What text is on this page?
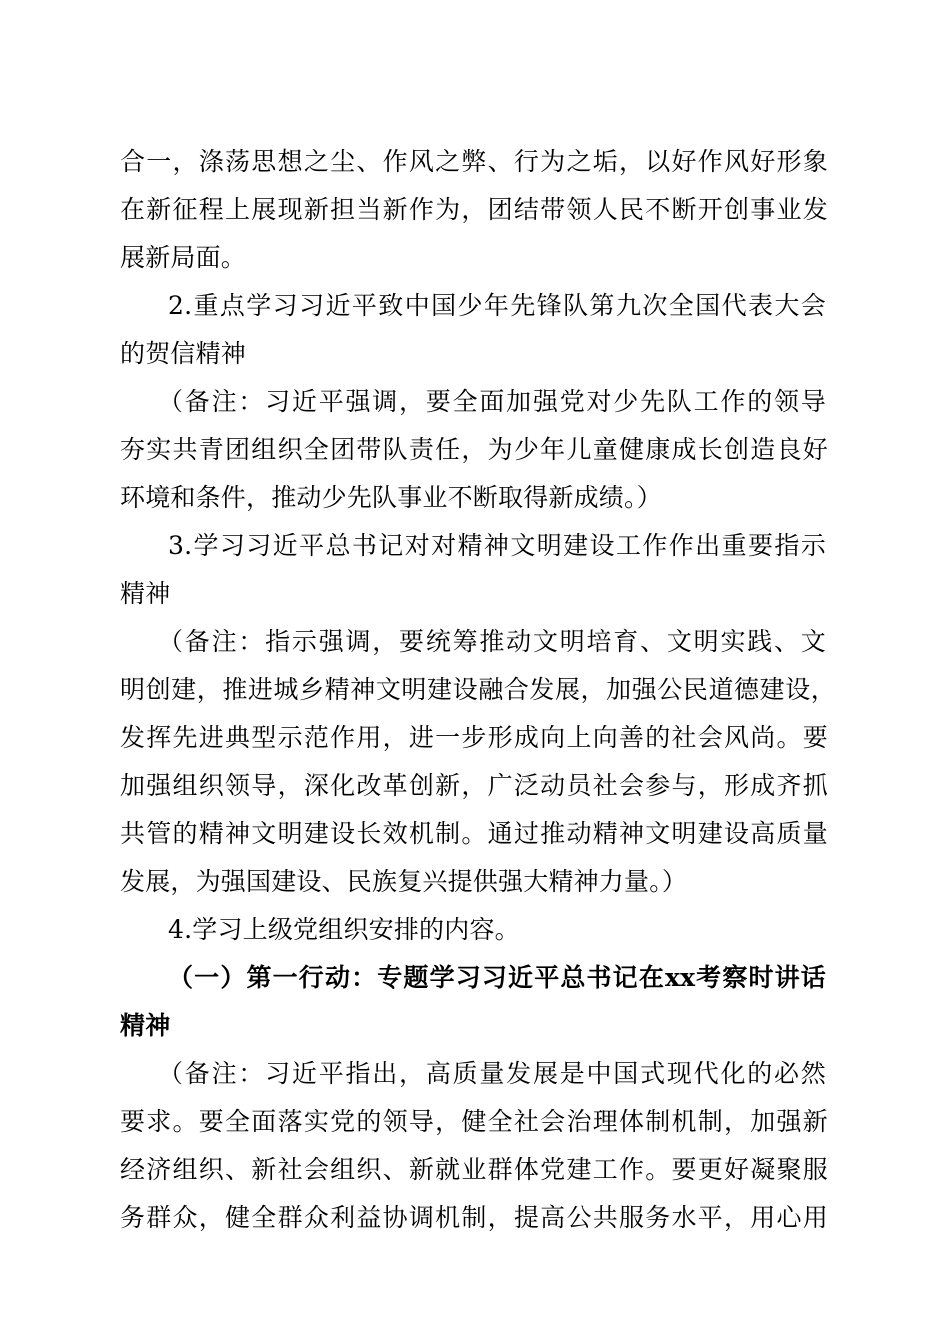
合一，涤荡思想之尘、作风之弊、行为之垢，以好作风好形象
在新征程上展现新担当新作为，团结带领人民不断开创事业发
展新局面。
2.重点学习习近平致中国少年先锋队第九次全国代表大会
的贺信精神
（备注：习近平强调，要全面加强党对少先队工作的领导
夯实共青团组织全团带队责任，为少年儿童健康成长创造良好
环境和条件，推动少先队事业不断取得新成绩。）
3.学习习近平总书记对对精神文明建设工作作出重要指示
精神
（备注：指示强调，要统筹推动文明培育、文明实践、文
明创建，推进城乡精神文明建设融合发展，加强公民道德建设，
发挥先进典型示范作用，进一步形成向上向善的社会风尚。要
加强组织领导，深化改革创新，广泛动员社会参与，形成齐抓
共管的精神文明建设长效机制。通过推动精神文明建设高质量
发展，为强国建设、民族复兴提供强大精神力量。）
4.学习上级党组织安排的内容。
（一）第一行动：专题学习习近平总书记在xx考察时讲话
精神
（备注：习近平指出，高质量发展是中国式现代化的必然
要求。要全面落实党的领导，健全社会治理体制机制，加强新
经济组织、新社会组织、新就业群体党建工作。要更好凝聚服
务群众，健全群众利益协调机制，提高公共服务水平，用心用
